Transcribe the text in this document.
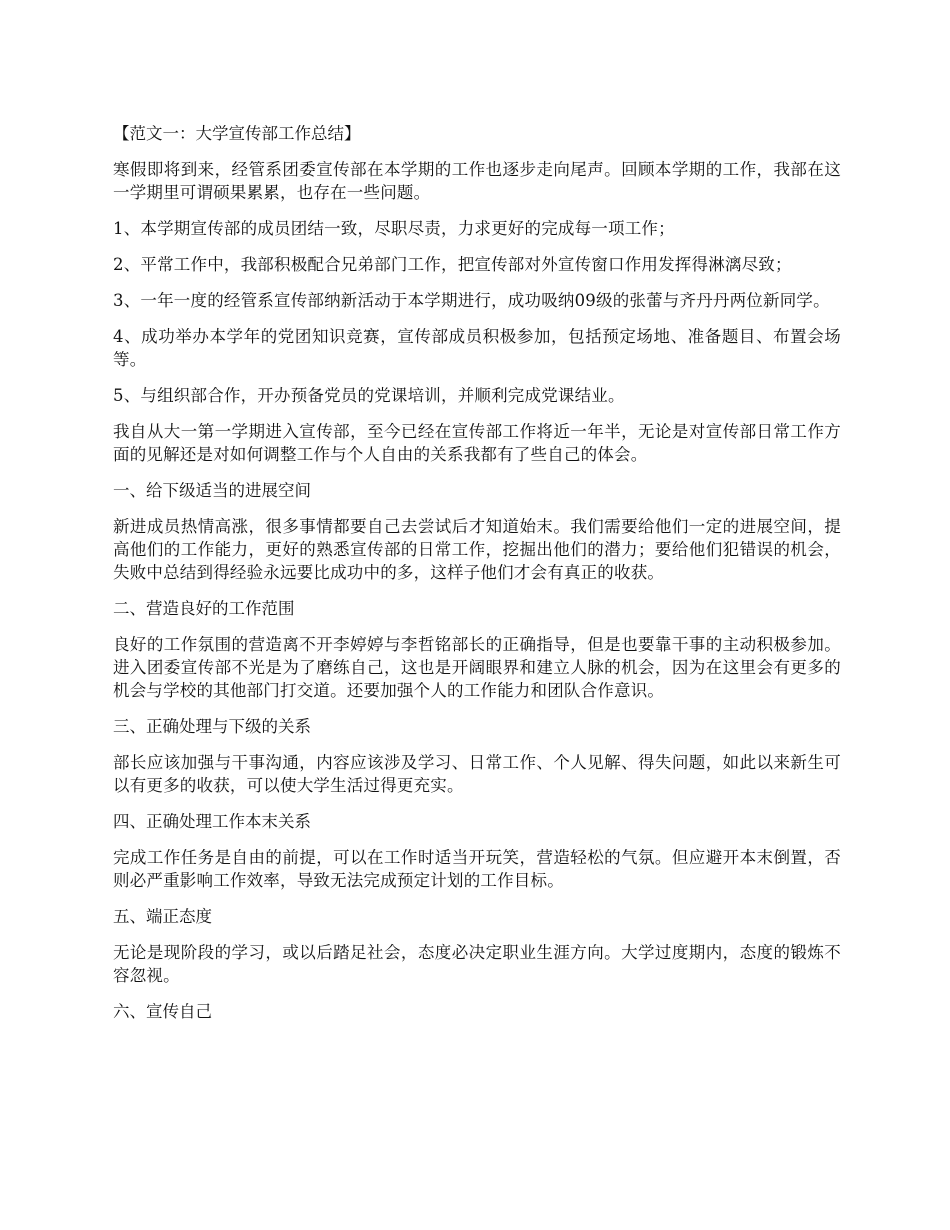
【范文一：大学宣传部工作总结】

寒假即将到来，经管系团委宣传部在本学期的工作也逐步走向尾声。回顾本学期的工作，我部在这一学期里可谓硕果累累，也存在一些问题。

1、本学期宣传部的成员团结一致，尽职尽责，力求更好的完成每一项工作；

2、平常工作中，我部积极配合兄弟部门工作，把宣传部对外宣传窗口作用发挥得淋漓尽致；

3、一年一度的经管系宣传部纳新活动于本学期进行，成功吸纳09级的张蕾与齐丹丹两位新同学。

4、成功举办本学年的党团知识竞赛，宣传部成员积极参加，包括预定场地、准备题目、布置会场等。

5、与组织部合作，开办预备党员的党课培训，并顺利完成党课结业。

我自从大一第一学期进入宣传部，至今已经在宣传部工作将近一年半，无论是对宣传部日常工作方面的见解还是对如何调整工作与个人自由的关系我都有了些自己的体会。

一、给下级适当的进展空间

新进成员热情高涨，很多事情都要自己去尝试后才知道始末。我们需要给他们一定的进展空间，提高他们的工作能力，更好的熟悉宣传部的日常工作，挖掘出他们的潜力；要给他们犯错误的机会，失败中总结到得经验永远要比成功中的多，这样子他们才会有真正的收获。

二、营造良好的工作范围

良好的工作氛围的营造离不开李婷婷与李哲铭部长的正确指导，但是也要靠干事的主动积极参加。进入团委宣传部不光是为了磨练自己，这也是开阔眼界和建立人脉的机会，因为在这里会有更多的机会与学校的其他部门打交道。还要加强个人的工作能力和团队合作意识。

三、正确处理与下级的关系

部长应该加强与干事沟通，内容应该涉及学习、日常工作、个人见解、得失问题，如此以来新生可以有更多的收获，可以使大学生活过得更充实。

四、正确处理工作本末关系

完成工作任务是自由的前提，可以在工作时适当开玩笑，营造轻松的气氛。但应避开本末倒置，否则必严重影响工作效率，导致无法完成预定计划的工作目标。

五、端正态度

无论是现阶段的学习，或以后踏足社会，态度必决定职业生涯方向。大学过度期内，态度的锻炼不容忽视。

六、宣传自己
